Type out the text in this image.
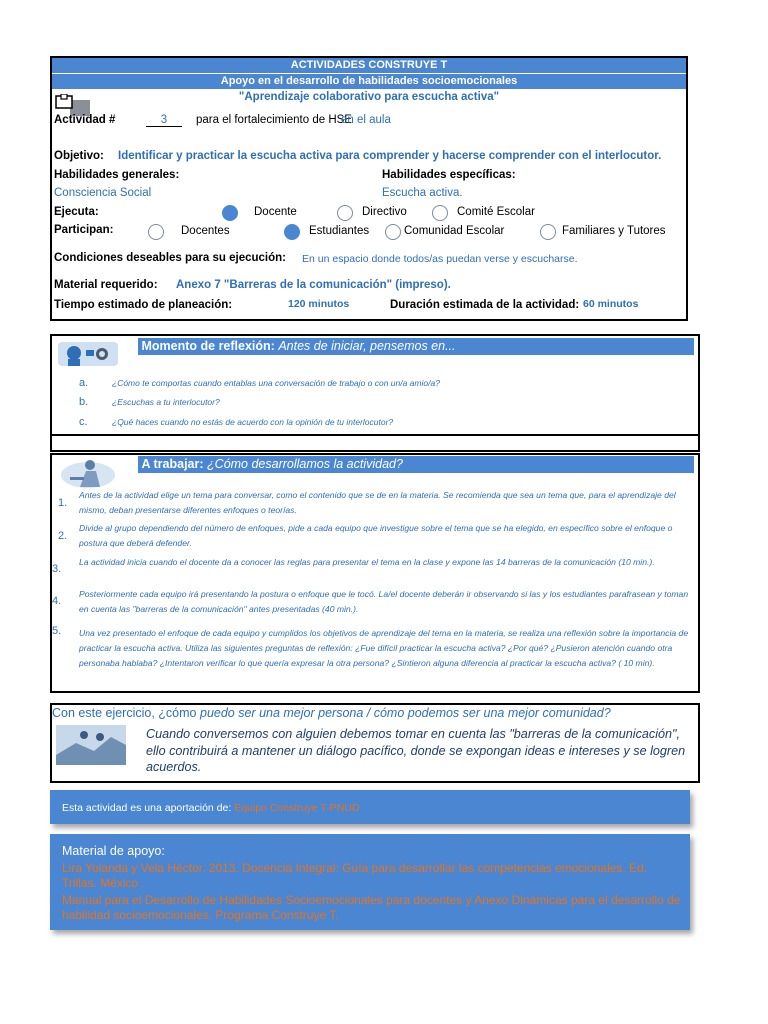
ACTIVIDADES CONSTRUYE T
Apoyo en el desarrollo de habilidades socioemocionales
"Aprendizaje colaborativo para escucha activa"
Actividad #	3	para el fortalecimiento de HSE
en el aula
Objetivo: Identificar y practicar la escucha activa para comprender y hacerse comprender con el interlocutor.
Habilidades generales:	Habilidades específicas:
Consciencia Social	Escucha activa.
Ejecuta:	Docente	Directivo	Comité Escolar
Participan:	Docentes	Estudiantes	Comunidad Escolar	Familiares y Tutores
Condiciones deseables para su ejecución: En un espacio donde todos/as puedan verse y escucharse.
Material requerido: Anexo 7 "Barreras de la comunicación" (impreso).
Tiempo estimado de planeación:	120 minutos	Duración estimada de la actividad: 60 minutos
Momento de reflexión: Antes de iniciar, pensemos en...
a.	¿Cómo te comportas cuando entablas una conversación de trabajo o con un/a amio/a?
b.	¿Escuchas a tu interlocutor?
c.	¿Qué haces cuando no estás de acuerdo con la opinión de tu interlocutor?
A trabajar: ¿Cómo desarrollamos la actividad?
1.
Antes de la actividad elige un tema para conversar, como el contenido que se de en la materia. Se recomienda que sea un tema que, para el aprendizaje del mismo, deban presentarse diferentes enfoques o teorías.
2.
Divide al grupo dependiendo del número de enfoques, pide a cada equipo que investigue sobre el tema que se ha elegido, en específico sobre el enfoque o postura que deberá defender.
3.
La actividad inicia cuando el docente da a conocer las reglas para presentar el tema en la clase y expone las 14 barreras de la comunicación (10 min.).
4.
Posteriormente cada equipo irá presentando la postura o enfoque que le tocó. La/el docente deberán ir observando si las y los estudiantes parafrasean y toman en cuenta las "barreras de la comunicación" antes presentadas (40 min.).
5. Una vez presentado el enfoque de cada equipo y cumplidos los objetivos de aprendizaje del tema en la materia, se realiza una reflexión sobre la importancia de practicar la escucha activa. Utiliza las siguientes preguntas de reflexión: ¿Fue difícil practicar la escucha activa? ¿Por qué? ¿Pusieron atención cuando otra personaba hablaba? ¿Intentaron verificar lo que quería expresar la otra persona? ¿Sintieron alguna diferencia al practicar la escucha activa? ( 10 min).
Con este ejercicio, ¿cómo puedo ser una mejor persona / cómo podemos ser una mejor comunidad?
Cuando conversemos con alguien debemos tomar en cuenta las "barreras de la comunicación", ello contribuirá a mantener un diálogo pacífico, donde se expongan ideas e intereses y se logren acuerdos.
Esta actividad es una aportación de: Equipo Construye T-PNUD
Material de apoyo:
Lira Yolanda y Vela Héctor. 2013. Docencia Integral: Guía para desarrollar las competencias emocionales. Ed. Trillas. México .
Manual para el Desarrollo de Habilidades Socioemocionales para docentes y Anexo Dinámicas para el desarrollo de habilidad socioemocionales. Programa Construye T.
